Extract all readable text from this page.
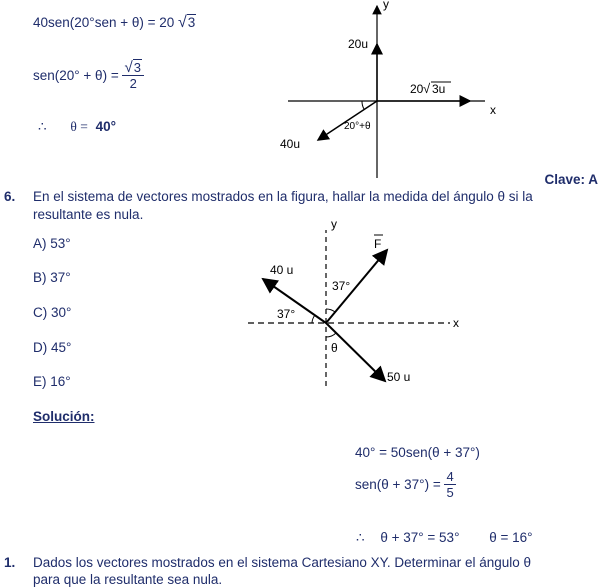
40sen(20°sen + θ) = 20 √3
$sen(20^\circ + \theta) = \frac{√3}{2}$
∴ θ = 40°
y
x
20u
20 √ 3u
40u
20°+θ
Clave: A
6. En el sistema de vectores mostrados en la figura, hallar la medida del ángulo θ si la
resultante es nula.
A) 53°
B) 37°
C) 30°
D) 45°
E) 16°
y
x
40 u
F
37°
37°
θ
50 u
Solución:
40° = 50sen(θ + 37°)
$sen(\theta + 37^\circ) = \frac{4}{5}$
∴ θ + 37° = 53° θ = 16°
1. Dados los vectores mostrados en el sistema Cartesiano XY. Determinar el ángulo θ
para que la resultante sea nula.
